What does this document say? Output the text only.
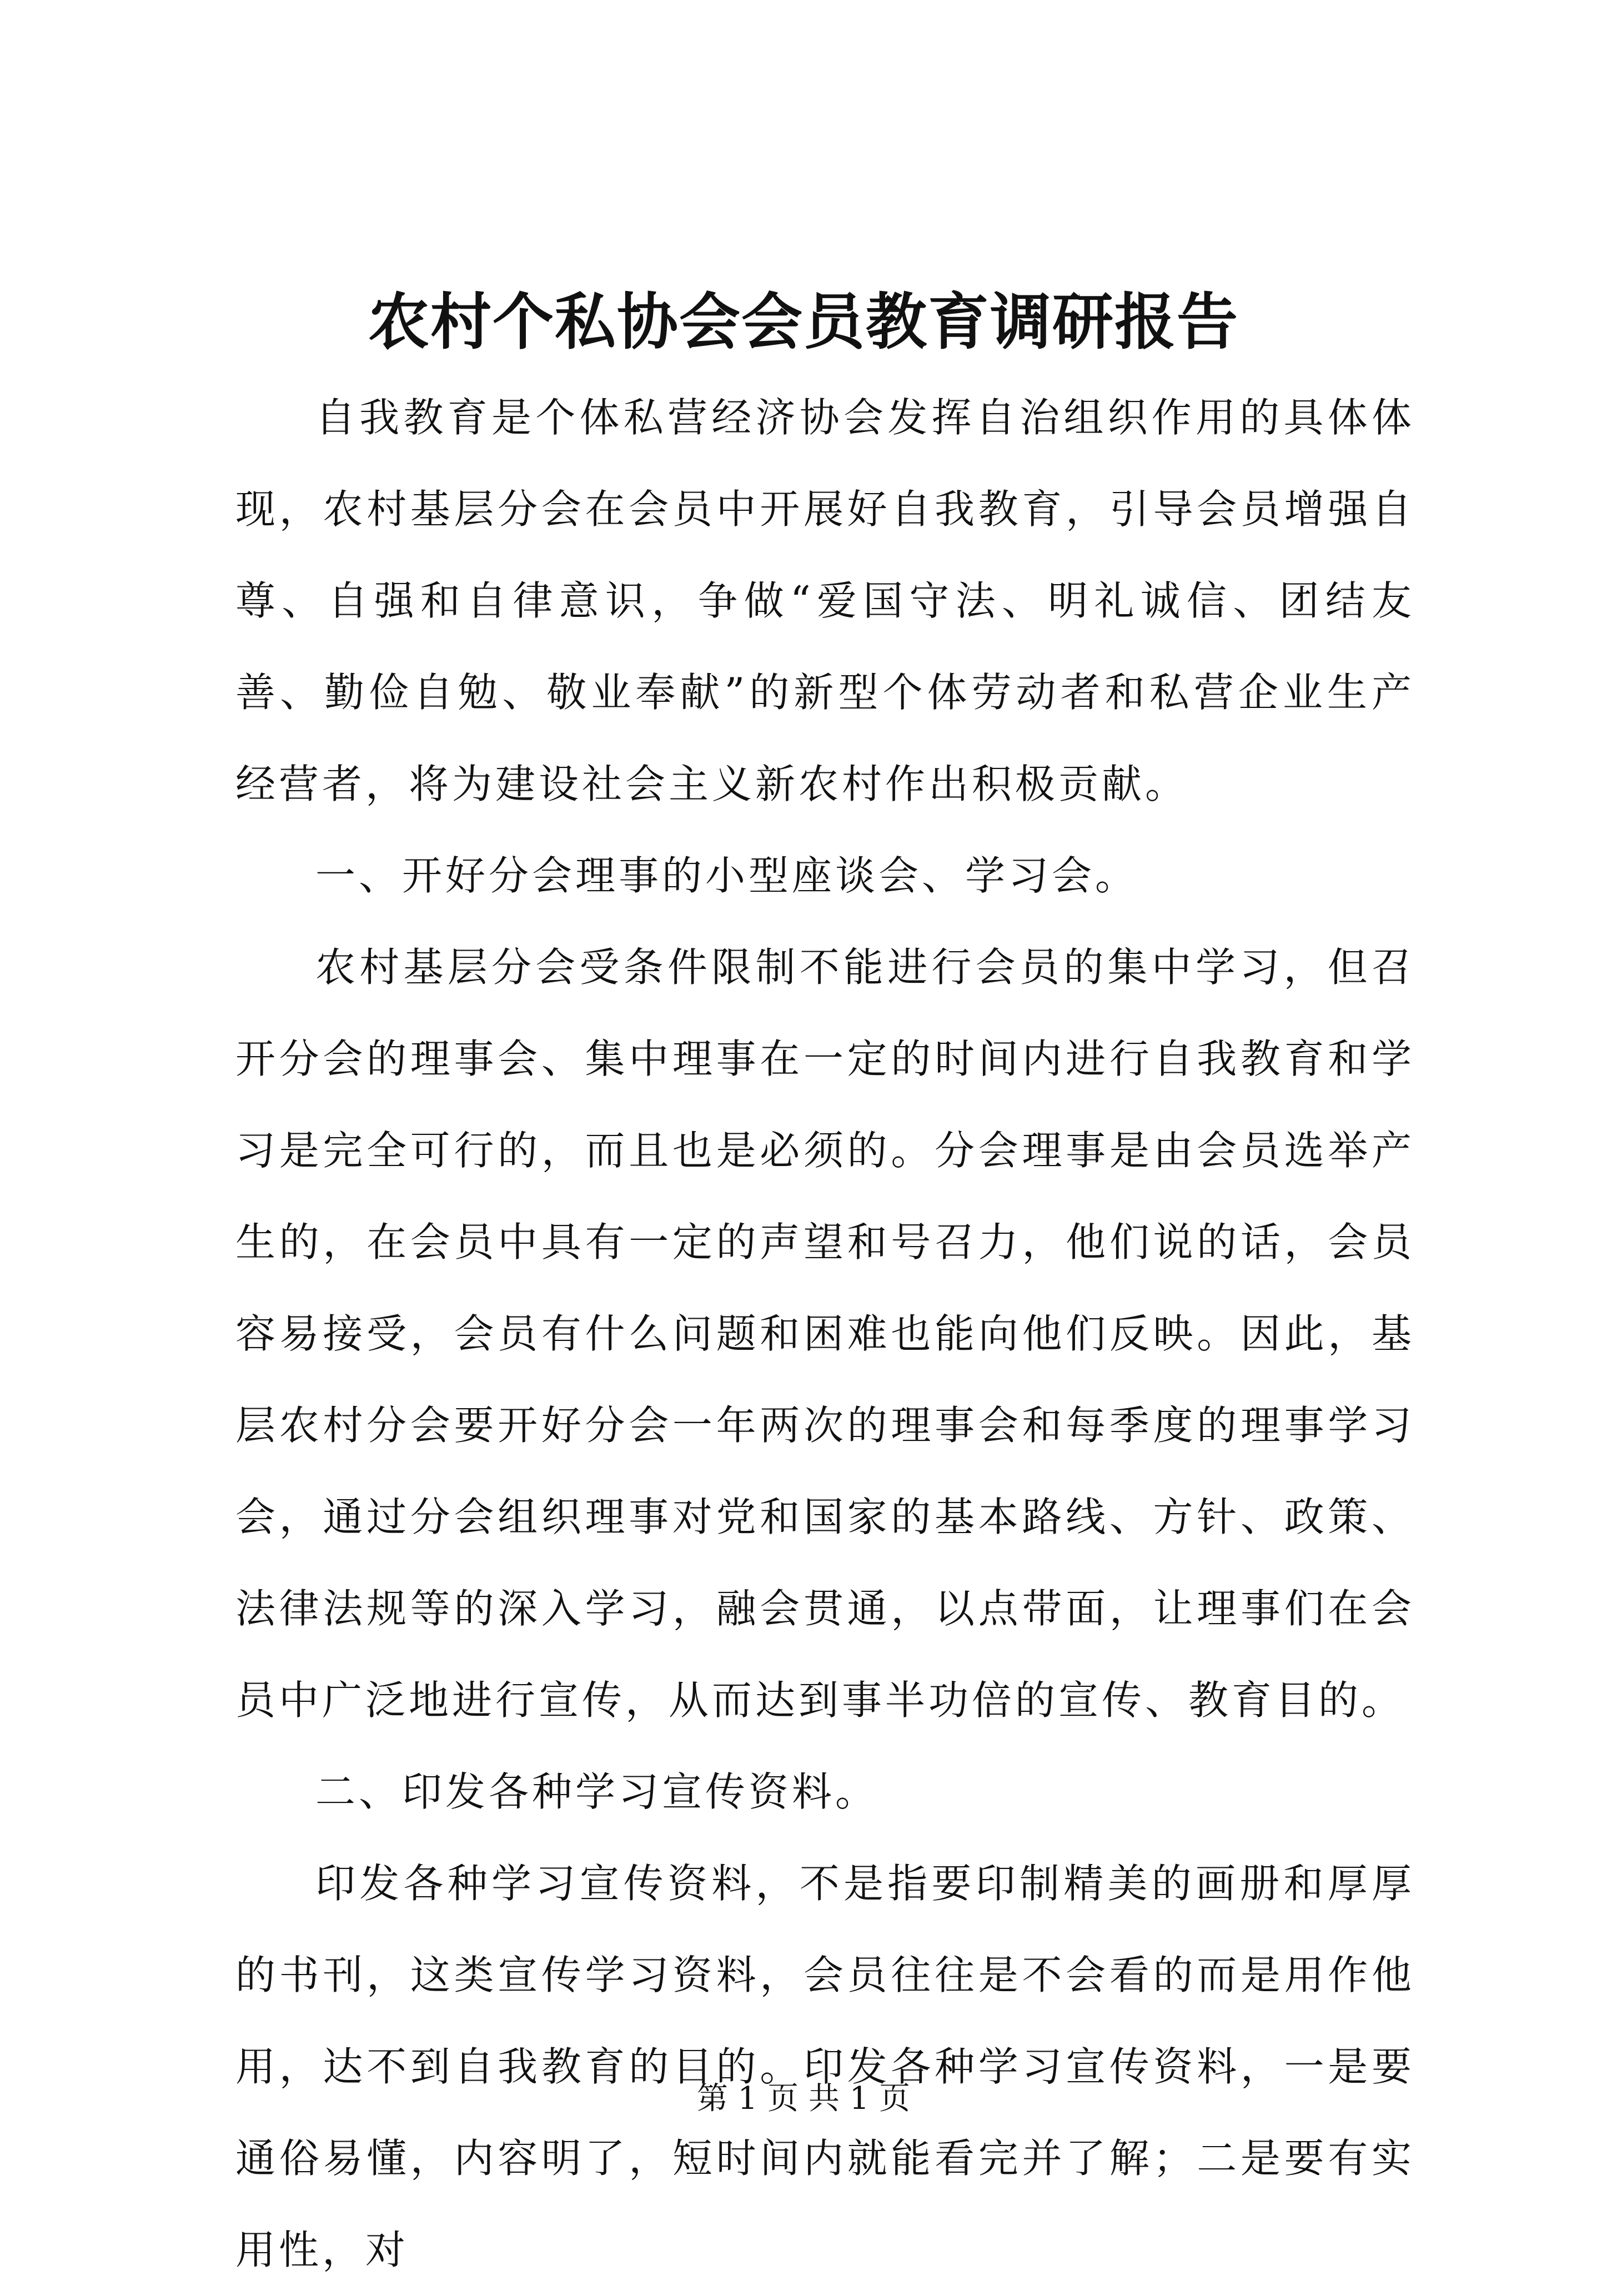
农村个私协会会员教育调研报告

自我教育是个体私营经济协会发挥自治组织作用的具体体现，农村基层分会在会员中开展好自我教育，引导会员增强自尊、自强和自律意识，争做“爱国守法、明礼诚信、团结友善、勤俭自勉、敬业奉献”的新型个体劳动者和私营企业生产经营者，将为建设社会主义新农村作出积极贡献。

一、开好分会理事的小型座谈会、学习会。

农村基层分会受条件限制不能进行会员的集中学习，但召开分会的理事会、集中理事在一定的时间内进行自我教育和学习是完全可行的，而且也是必须的。分会理事是由会员选举产生的，在会员中具有一定的声望和号召力，他们说的话，会员容易接受，会员有什么问题和困难也能向他们反映。因此，基层农村分会要开好分会一年两次的理事会和每季度的理事学习会，通过分会组织理事对党和国家的基本路线、方针、政策、法律法规等的深入学习，融会贯通，以点带面，让理事们在会员中广泛地进行宣传，从而达到事半功倍的宣传、教育目的。

二、印发各种学习宣传资料。

印发各种学习宣传资料，不是指要印制精美的画册和厚厚的书刊，这类宣传学习资料，会员往往是不会看的而是用作他用，达不到自我教育的目的。印发各种学习宣传资料，一是要通俗易懂，内容明了，短时间内就能看完并了解；二是要有实用性，对

第 1 页 共 1 页
